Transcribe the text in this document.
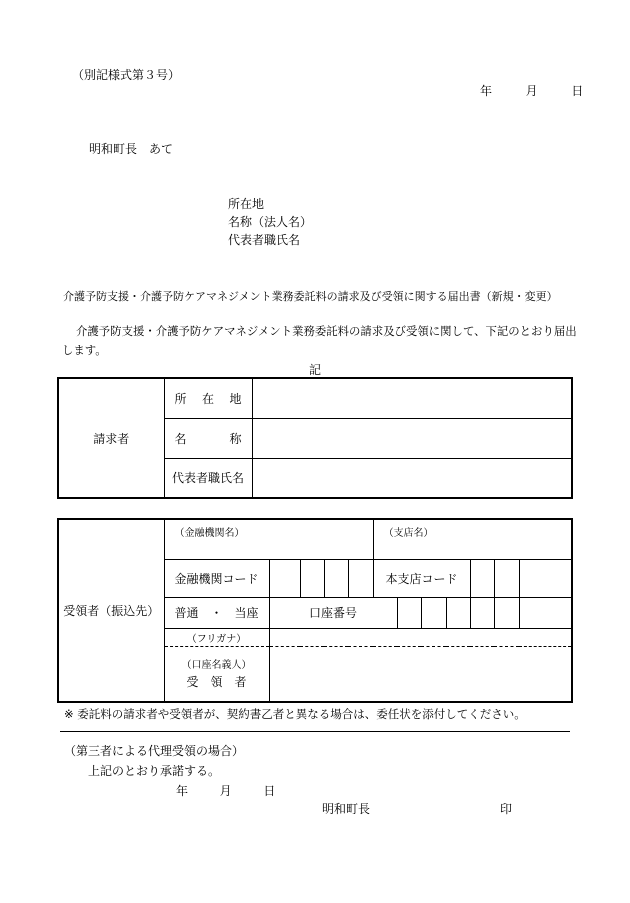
（別記様式第３号）
年	月	日
明和町長　あて
所在地
名称（法人名）
代表者職氏名
介護予防支援・介護予防ケアマネジメント業務委託料の請求及び受領に関する届出書（新規・変更）
介護予防支援・介護予防ケアマネジメント業務委託料の請求及び受領に関して、下記のとおり届出します。
記
請求者	所　在　地	
	名　　　称	
	代表者職氏名	
受領者（振込先）	（金融機関名）					（支店名）						
	金融機関コード					本支店コード						
	普通　・　当座	口座番号										
	（フリガナ）											

	（口座名義人）
受　領　者											

※ 委託料の請求者や受領者が、契約書乙者と異なる場合は、委任状を添付してください。
（第三者による代理受領の場合）
上記のとおり承諾する。
年	月	日
明和町長	印
